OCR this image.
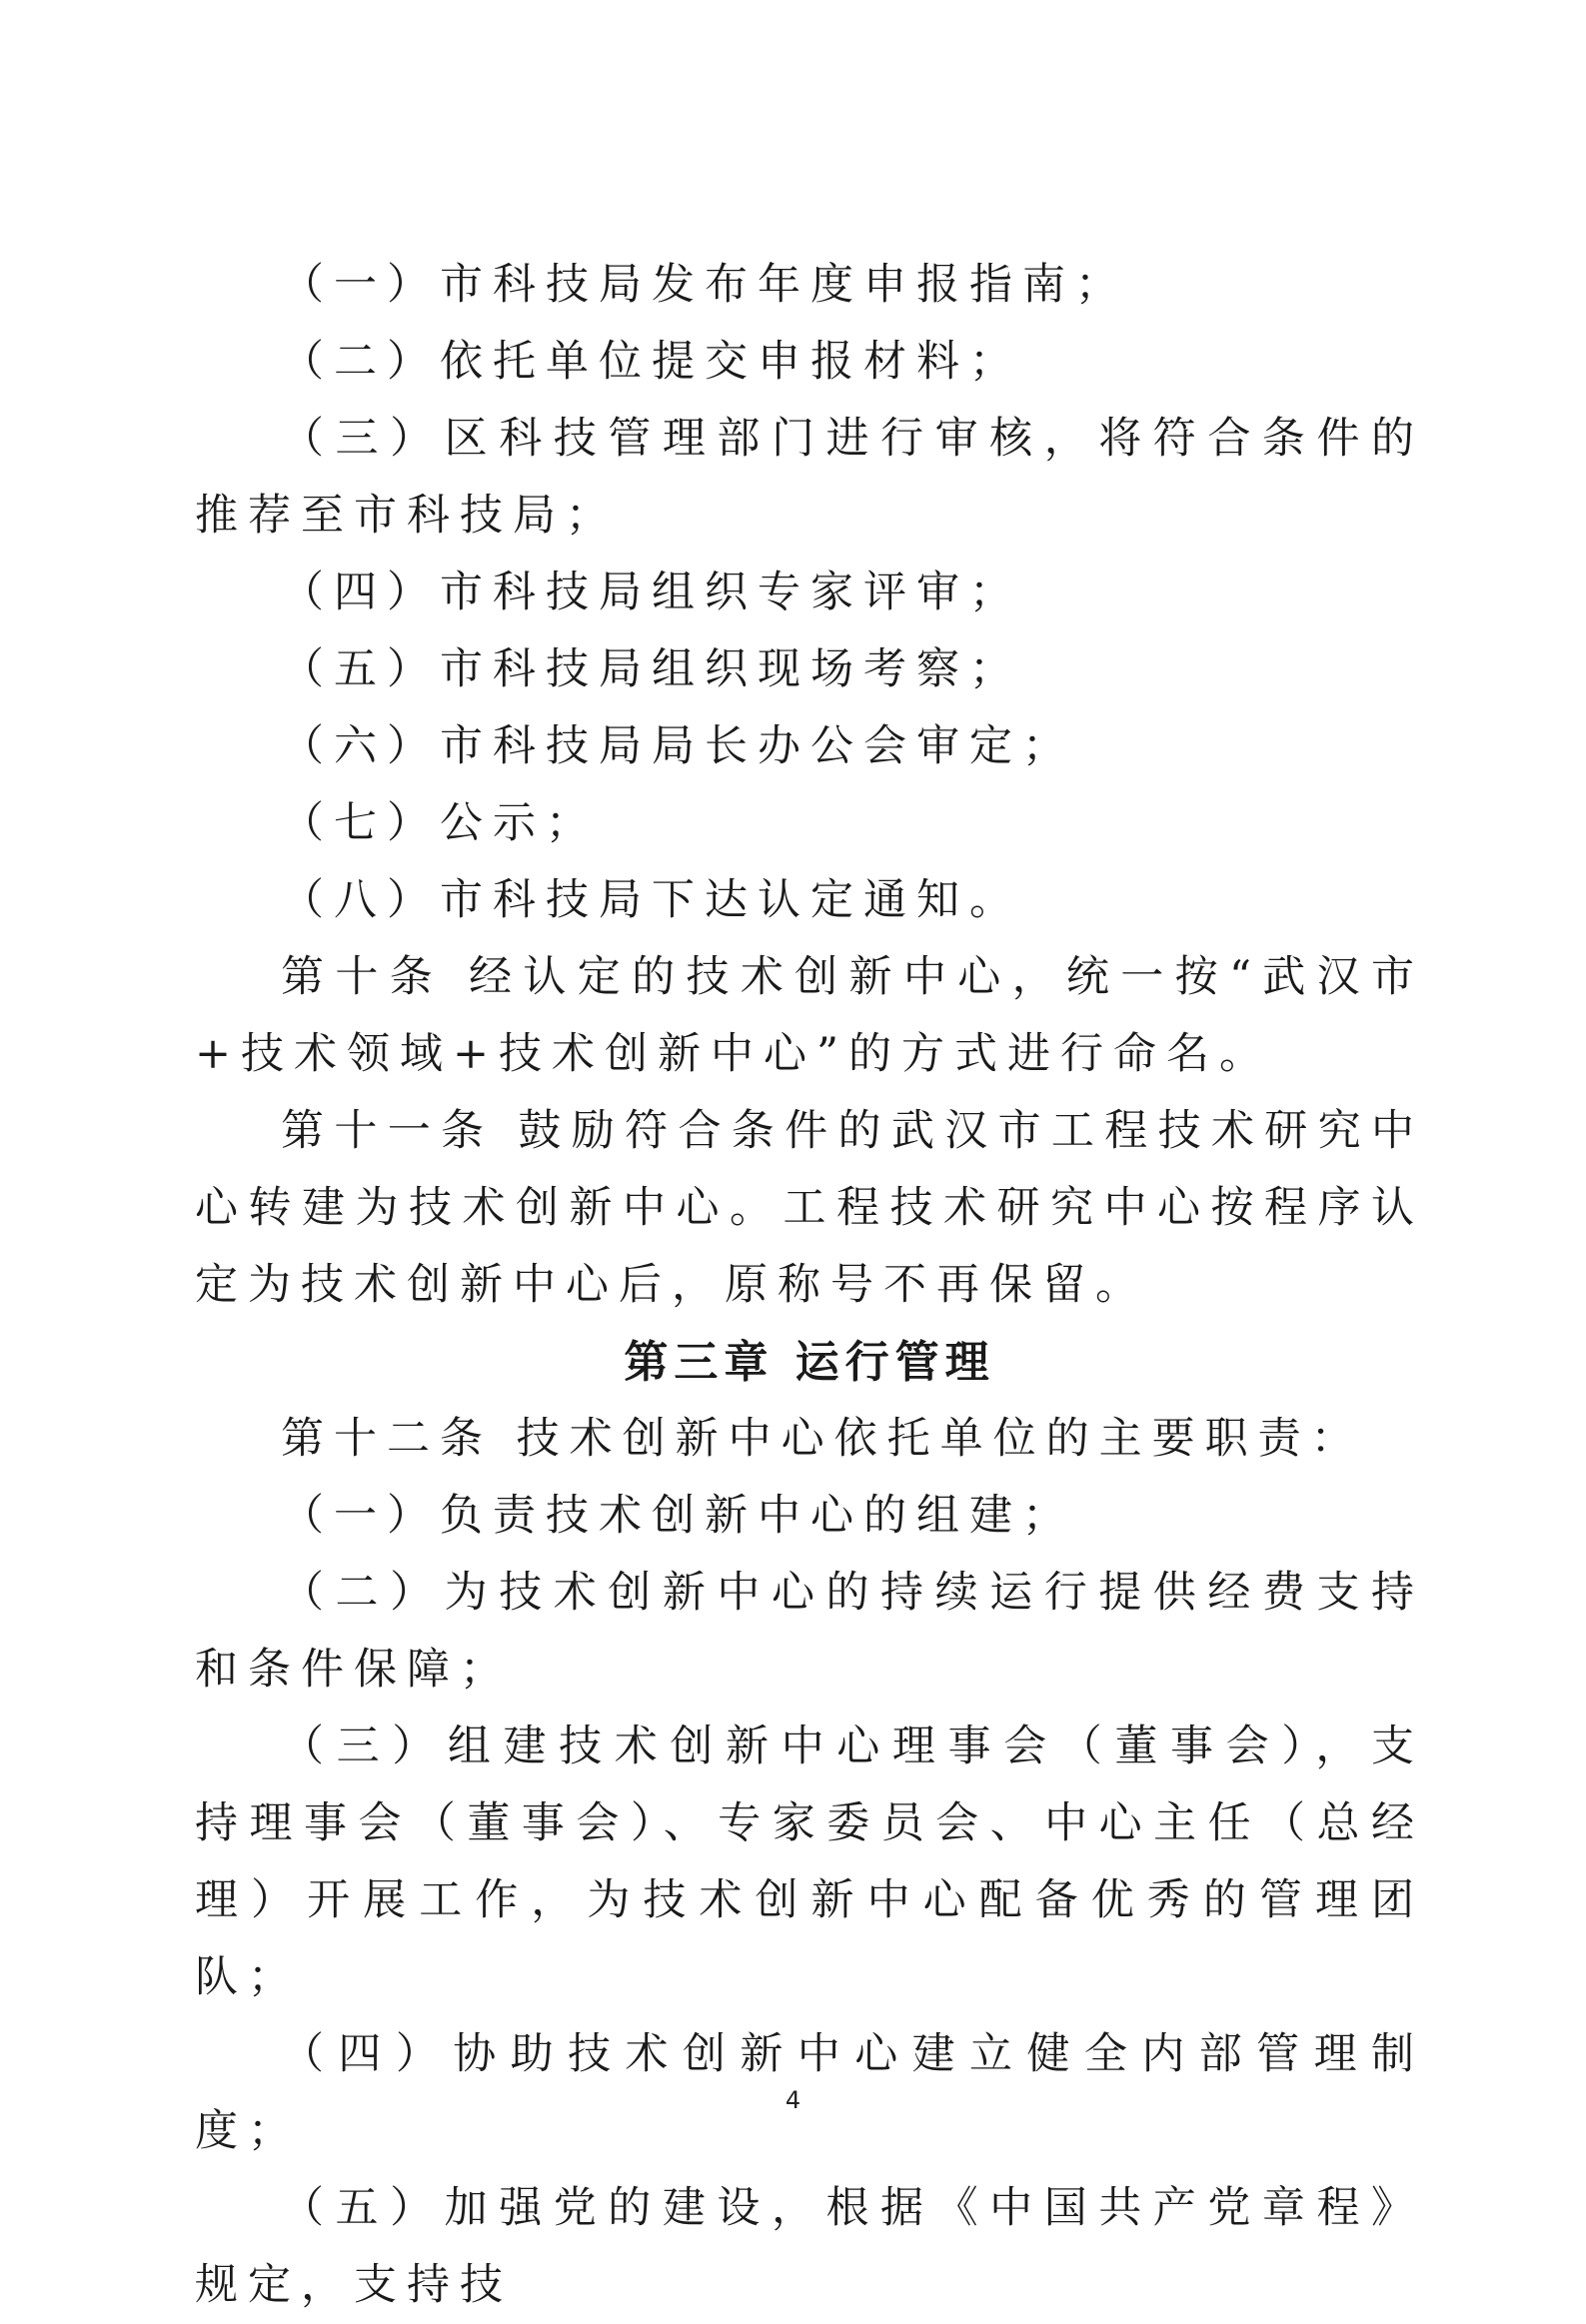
（一）市科技局发布年度申报指南；

（二）依托单位提交申报材料；

（三）区科技管理部门进行审核，将符合条件的推荐至市科技局；

（四）市科技局组织专家评审；

（五）市科技局组织现场考察；

（六）市科技局局长办公会审定；

（七）公示；

（八）市科技局下达认定通知。

第十条 经认定的技术创新中心，统一按“武汉市+技术领域+技术创新中心”的方式进行命名。

第十一条 鼓励符合条件的武汉市工程技术研究中心转建为技术创新中心。工程技术研究中心按程序认定为技术创新中心后，原称号不再保留。

第三章 运行管理

第十二条 技术创新中心依托单位的主要职责：

（一）负责技术创新中心的组建；

（二）为技术创新中心的持续运行提供经费支持和条件保障；

（三）组建技术创新中心理事会（董事会），支持理事会（董事会）、专家委员会、中心主任（总经理）开展工作，为技术创新中心配备优秀的管理团队；

（四）协助技术创新中心建立健全内部管理制度；

（五）加强党的建设，根据《中国共产党章程》规定，支持技

4
